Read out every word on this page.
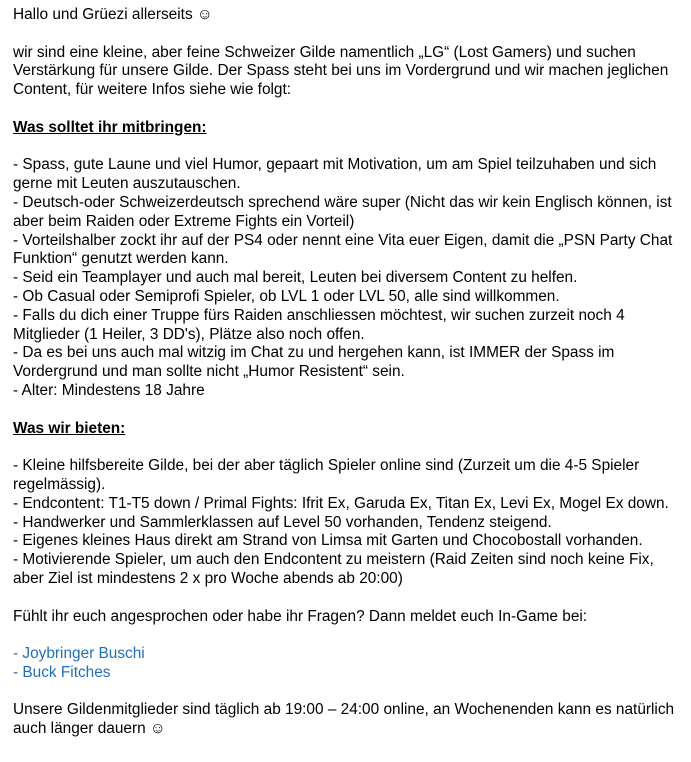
Hallo und Grüezi allerseits ☺

wir sind eine kleine, aber feine Schweizer Gilde namentlich „LG“ (Lost Gamers) und suchen Verstärkung für unsere Gilde. Der Spass steht bei uns im Vordergrund und wir machen jeglichen Content, für weitere Infos siehe wie folgt:

Was solltet ihr mitbringen:

- Spass, gute Laune und viel Humor, gepaart mit Motivation, um am Spiel teilzuhaben und sich gerne mit Leuten auszutauschen.

- Deutsch-oder Schweizerdeutsch sprechend wäre super (Nicht das wir kein Englisch können, ist aber beim Raiden oder Extreme Fights ein Vorteil)

- Vorteilshalber zockt ihr auf der PS4 oder nennt eine Vita euer Eigen, damit die „PSN Party Chat Funktion“ genutzt werden kann.

- Seid ein Teamplayer und auch mal bereit, Leuten bei diversem Content zu helfen.

- Ob Casual oder Semiprofi Spieler, ob LVL 1 oder LVL 50, alle sind willkommen.

- Falls du dich einer Truppe fürs Raiden anschliessen möchtest, wir suchen zurzeit noch 4 Mitglieder (1 Heiler, 3 DD's), Plätze also noch offen.

- Da es bei uns auch mal witzig im Chat zu und hergehen kann, ist IMMER der Spass im Vordergrund und man sollte nicht „Humor Resistent“ sein.

- Alter: Mindestens 18 Jahre

Was wir bieten:

- Kleine hilfsbereite Gilde, bei der aber täglich Spieler online sind (Zurzeit um die 4-5 Spieler regelmässig).

- Endcontent: T1-T5 down / Primal Fights: Ifrit Ex, Garuda Ex, Titan Ex, Levi Ex, Mogel Ex down.

- Handwerker und Sammlerklassen auf Level 50 vorhanden, Tendenz steigend.

- Eigenes kleines Haus direkt am Strand von Limsa mit Garten und Chocobostall vorhanden.

- Motivierende Spieler, um auch den Endcontent zu meistern (Raid Zeiten sind noch keine Fix, aber Ziel ist mindestens 2 x pro Woche abends ab 20:00)

Fühlt ihr euch angesprochen oder habe ihr Fragen? Dann meldet euch In-Game bei:

- Joybringer Buschi

- Buck Fitches

Unsere Gildenmitglieder sind täglich ab 19:00 – 24:00 online, an Wochenenden kann es natürlich auch länger dauern ☺
